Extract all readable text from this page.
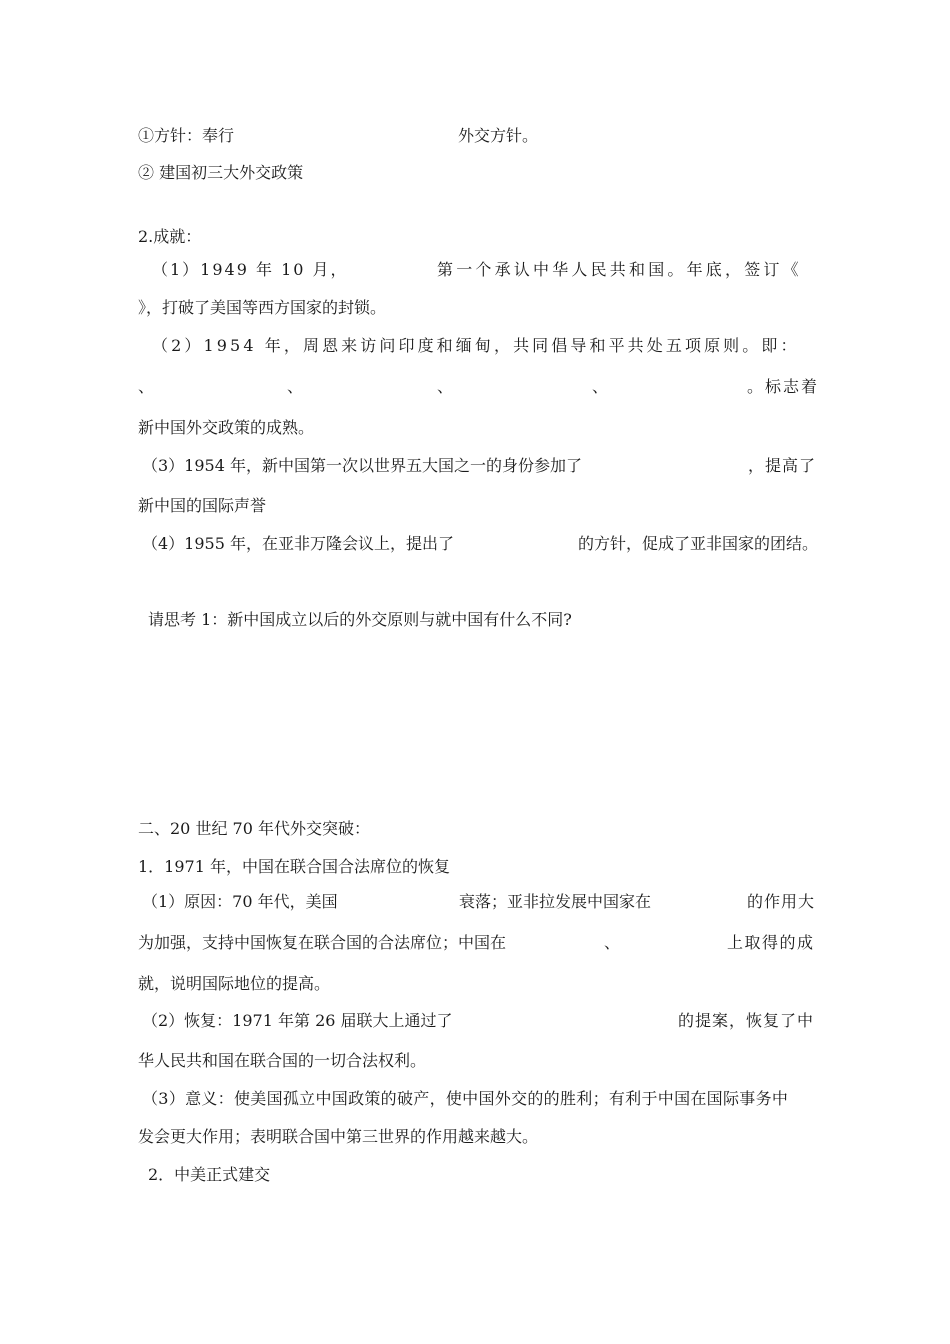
①方针：奉行	外交方针。
② 建国初三大外交政策
2.成就：
（1）1949 年 10 月，	第一个承认中华人民共和国。年底，签订《
》，打破了美国等西方国家的封锁。
（2）1954 年，周恩来访问印度和缅甸，共同倡导和平共处五项原则。即：
、	、	、	、	。标志着
新中国外交政策的成熟。
（3）1954 年，新中国第一次以世界五大国之一的身份参加了	，提高了
新中国的国际声誉
（4）1955 年，在亚非万隆会议上，提出了	的方针，促成了亚非国家的团结。
请思考 1：新中国成立以后的外交原则与就中国有什么不同?
二、20 世纪 70 年代外交突破：
1．1971 年，中国在联合国合法席位的恢复
（1）原因：70 年代，美国	衰落；亚非拉发展中国家在	的作用大
为加强，支持中国恢复在联合国的合法席位；中国在	、	上取得的成
就，说明国际地位的提高。
（2）恢复：1971 年第 26 届联大上通过了	的提案，恢复了中
华人民共和国在联合国的一切合法权利。
（3）意义：使美国孤立中国政策的破产，使中国外交的的胜利；有利于中国在国际事务中
发会更大作用；表明联合国中第三世界的作用越来越大。
2．中美正式建交
